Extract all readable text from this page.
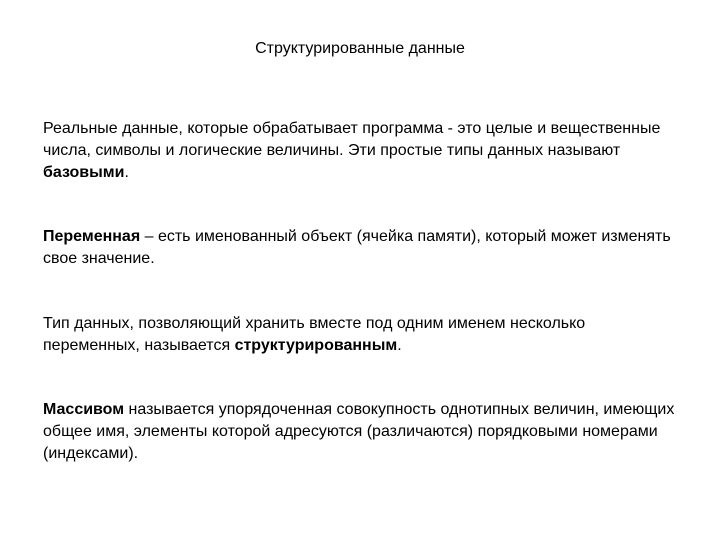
Структурированные данные
Реальные данные, которые обрабатывает программа - это целые и вещественные числа, символы и логические величины. Эти простые типы данных называют базовыми.
Переменная – есть именованный объект (ячейка памяти), который может изменять свое значение.
Тип данных, позволяющий хранить вместе под одним именем несколько переменных, называется структурированным.
Массивом называется упорядоченная совокупность однотипных величин, имеющих общее имя, элементы которой адресуются (различаются) порядковыми номерами (индексами).
